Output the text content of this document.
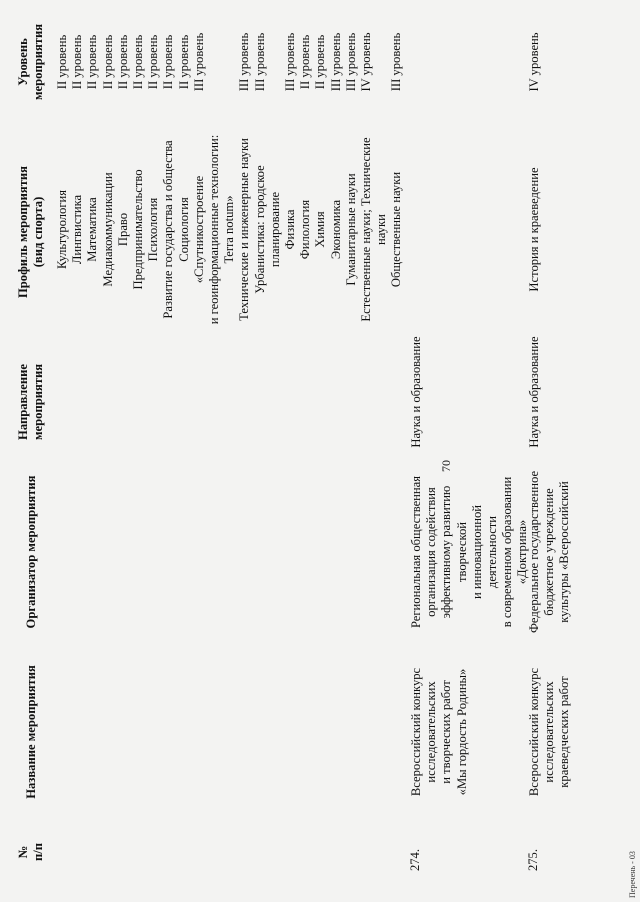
70
№ п/п
Название мероприятия
Организатор мероприятия
Направление мероприятия
Профиль мероприятия (вид спорта)
Уровень мероприятия
274.
Всероссийский конкурс исследовательских и творческих работ «Мы гордость Родины»
Региональная общественная организация содействия эффективному развитию творческой и инновационной деятельности в современном образовании «Доктрина»
Наука и образование
Культурология Лингвистика Математика Медиакоммуникации Право Предпринимательство Психология Развитие государства и общества Социология «Спутникостроение и геоинформационные технологии: Terra notum» Технические и инженерные науки Урбанистика: городское планирование Физика Филология Химия Экономика Гуманитарные науки Естественные науки; Технические науки Общественные науки
II уровень II уровень II уровень II уровень II уровень II уровень II уровень II уровень II уровень III уровень

	III уровень III уровень
III уровень II уровень II уровень III уровень III уровень IV уровень
III уровень
275.
Всероссийский конкурс исследовательских краеведческих работ
Федеральное государственное бюджетное учреждение культуры «Всероссийский
Наука и образование
История и краеведение
IV уровень
Перечень - 03
